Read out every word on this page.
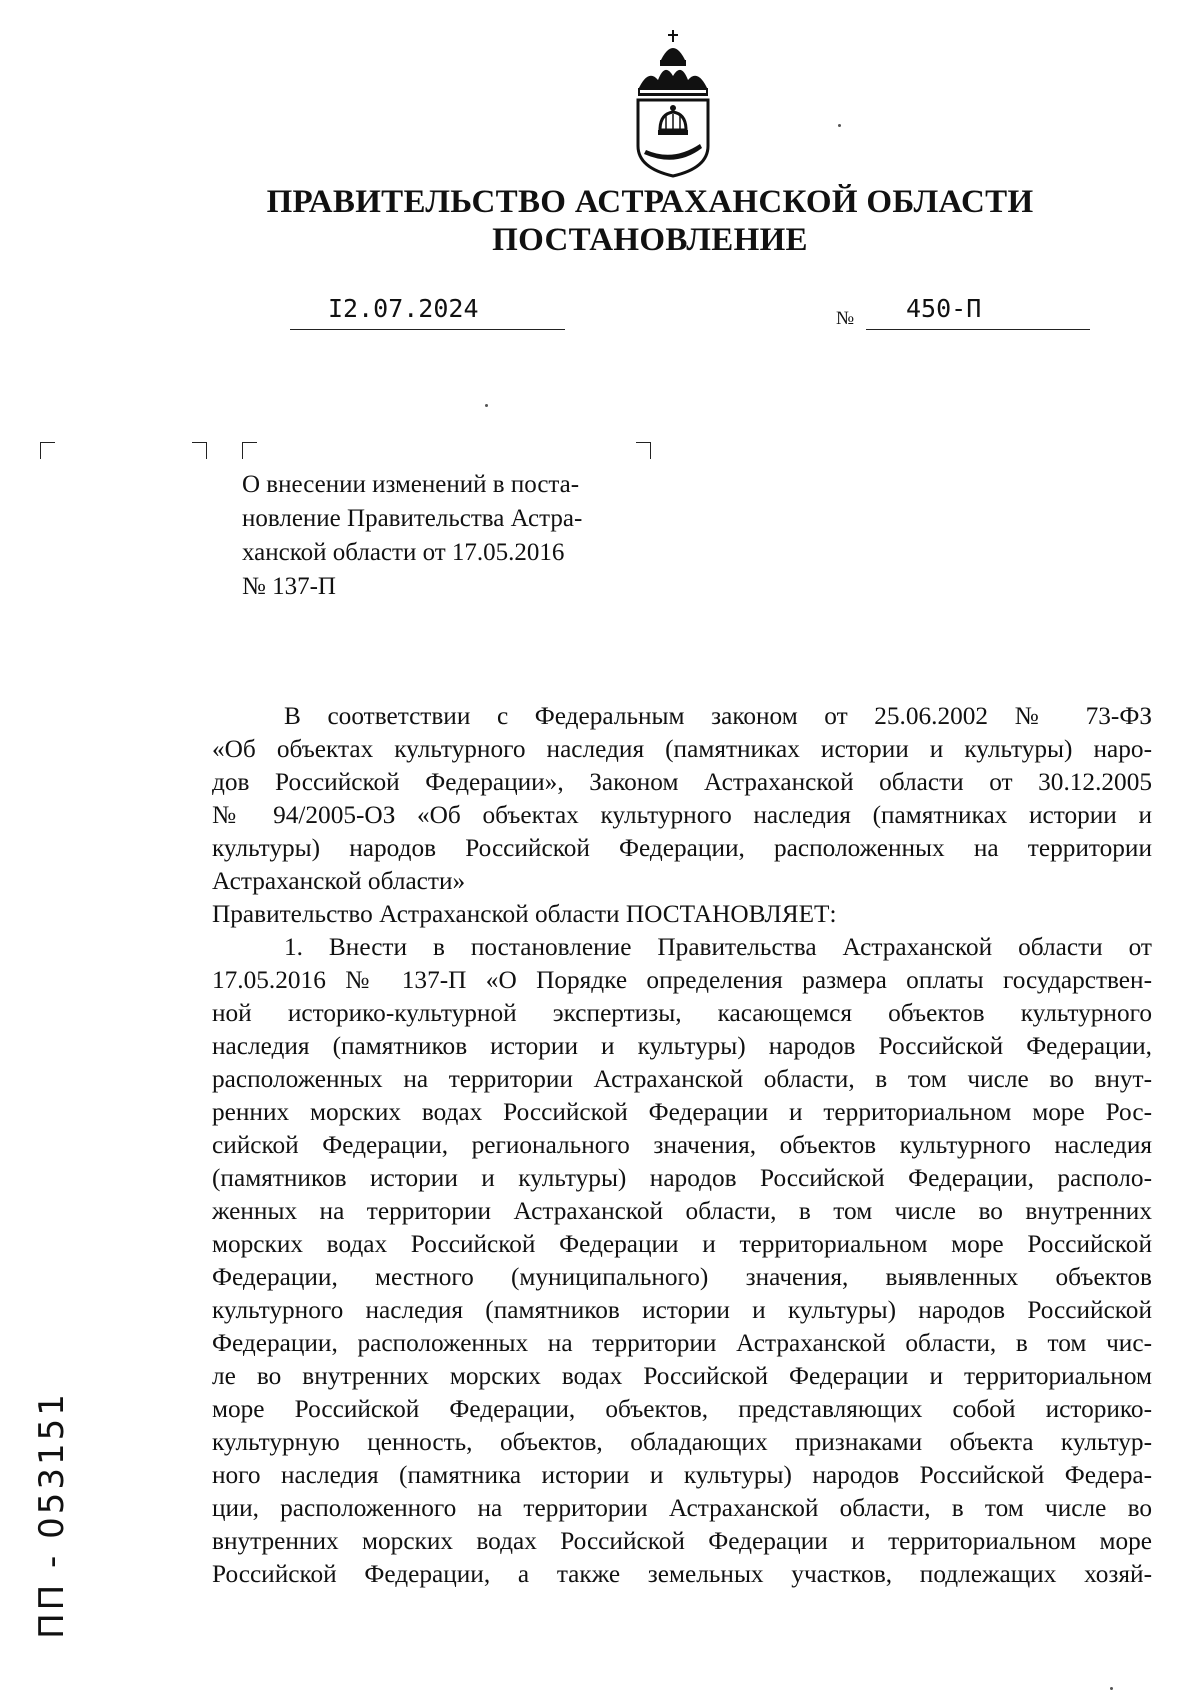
ПРАВИТЕЛЬСТВО АСТРАХАНСКОЙ ОБЛАСТИ
ПОСТАНОВЛЕНИЕ
I2.07.2024	№	450-П
О внесении изменений в поста-
новление Правительства Астра-
ханской области от 17.05.2016
№ 137-П
В соответствии с Федеральным законом от 25.06.2002 № 73-ФЗ
«Об объектах культурного наследия (памятниках истории и культуры) наро-
дов Российской Федерации», Законом Астраханской области от 30.12.2005
№ 94/2005-ОЗ «Об объектах культурного наследия (памятниках истории и
культуры) народов Российской Федерации, расположенных на территории
Астраханской области»
Правительство Астраханской области ПОСТАНОВЛЯЕТ:
1. Внести в постановление Правительства Астраханской области от
17.05.2016 № 137-П «О Порядке определения размера оплаты государствен-
ной историко-культурной экспертизы, касающемся объектов культурного
наследия (памятников истории и культуры) народов Российской Федерации,
расположенных на территории Астраханской области, в том числе во внут-
ренних морских водах Российской Федерации и территориальном море Рос-
сийской Федерации, регионального значения, объектов культурного наследия
(памятников истории и культуры) народов Российской Федерации, располо-
женных на территории Астраханской области, в том числе во внутренних
морских водах Российской Федерации и территориальном море Российской
Федерации, местного (муниципального) значения, выявленных объектов
культурного наследия (памятников истории и культуры) народов Российской
Федерации, расположенных на территории Астраханской области, в том чис-
ле во внутренних морских водах Российской Федерации и территориальном
море Российской Федерации, объектов, представляющих собой историко-
культурную ценность, объектов, обладающих признаками объекта культур-
ного наследия (памятника истории и культуры) народов Российской Федера-
ции, расположенного на территории Астраханской области, в том числе во
внутренних морских водах Российской Федерации и территориальном море
Российской Федерации, а также земельных участков, подлежащих хозяй-
ПП - 053151
